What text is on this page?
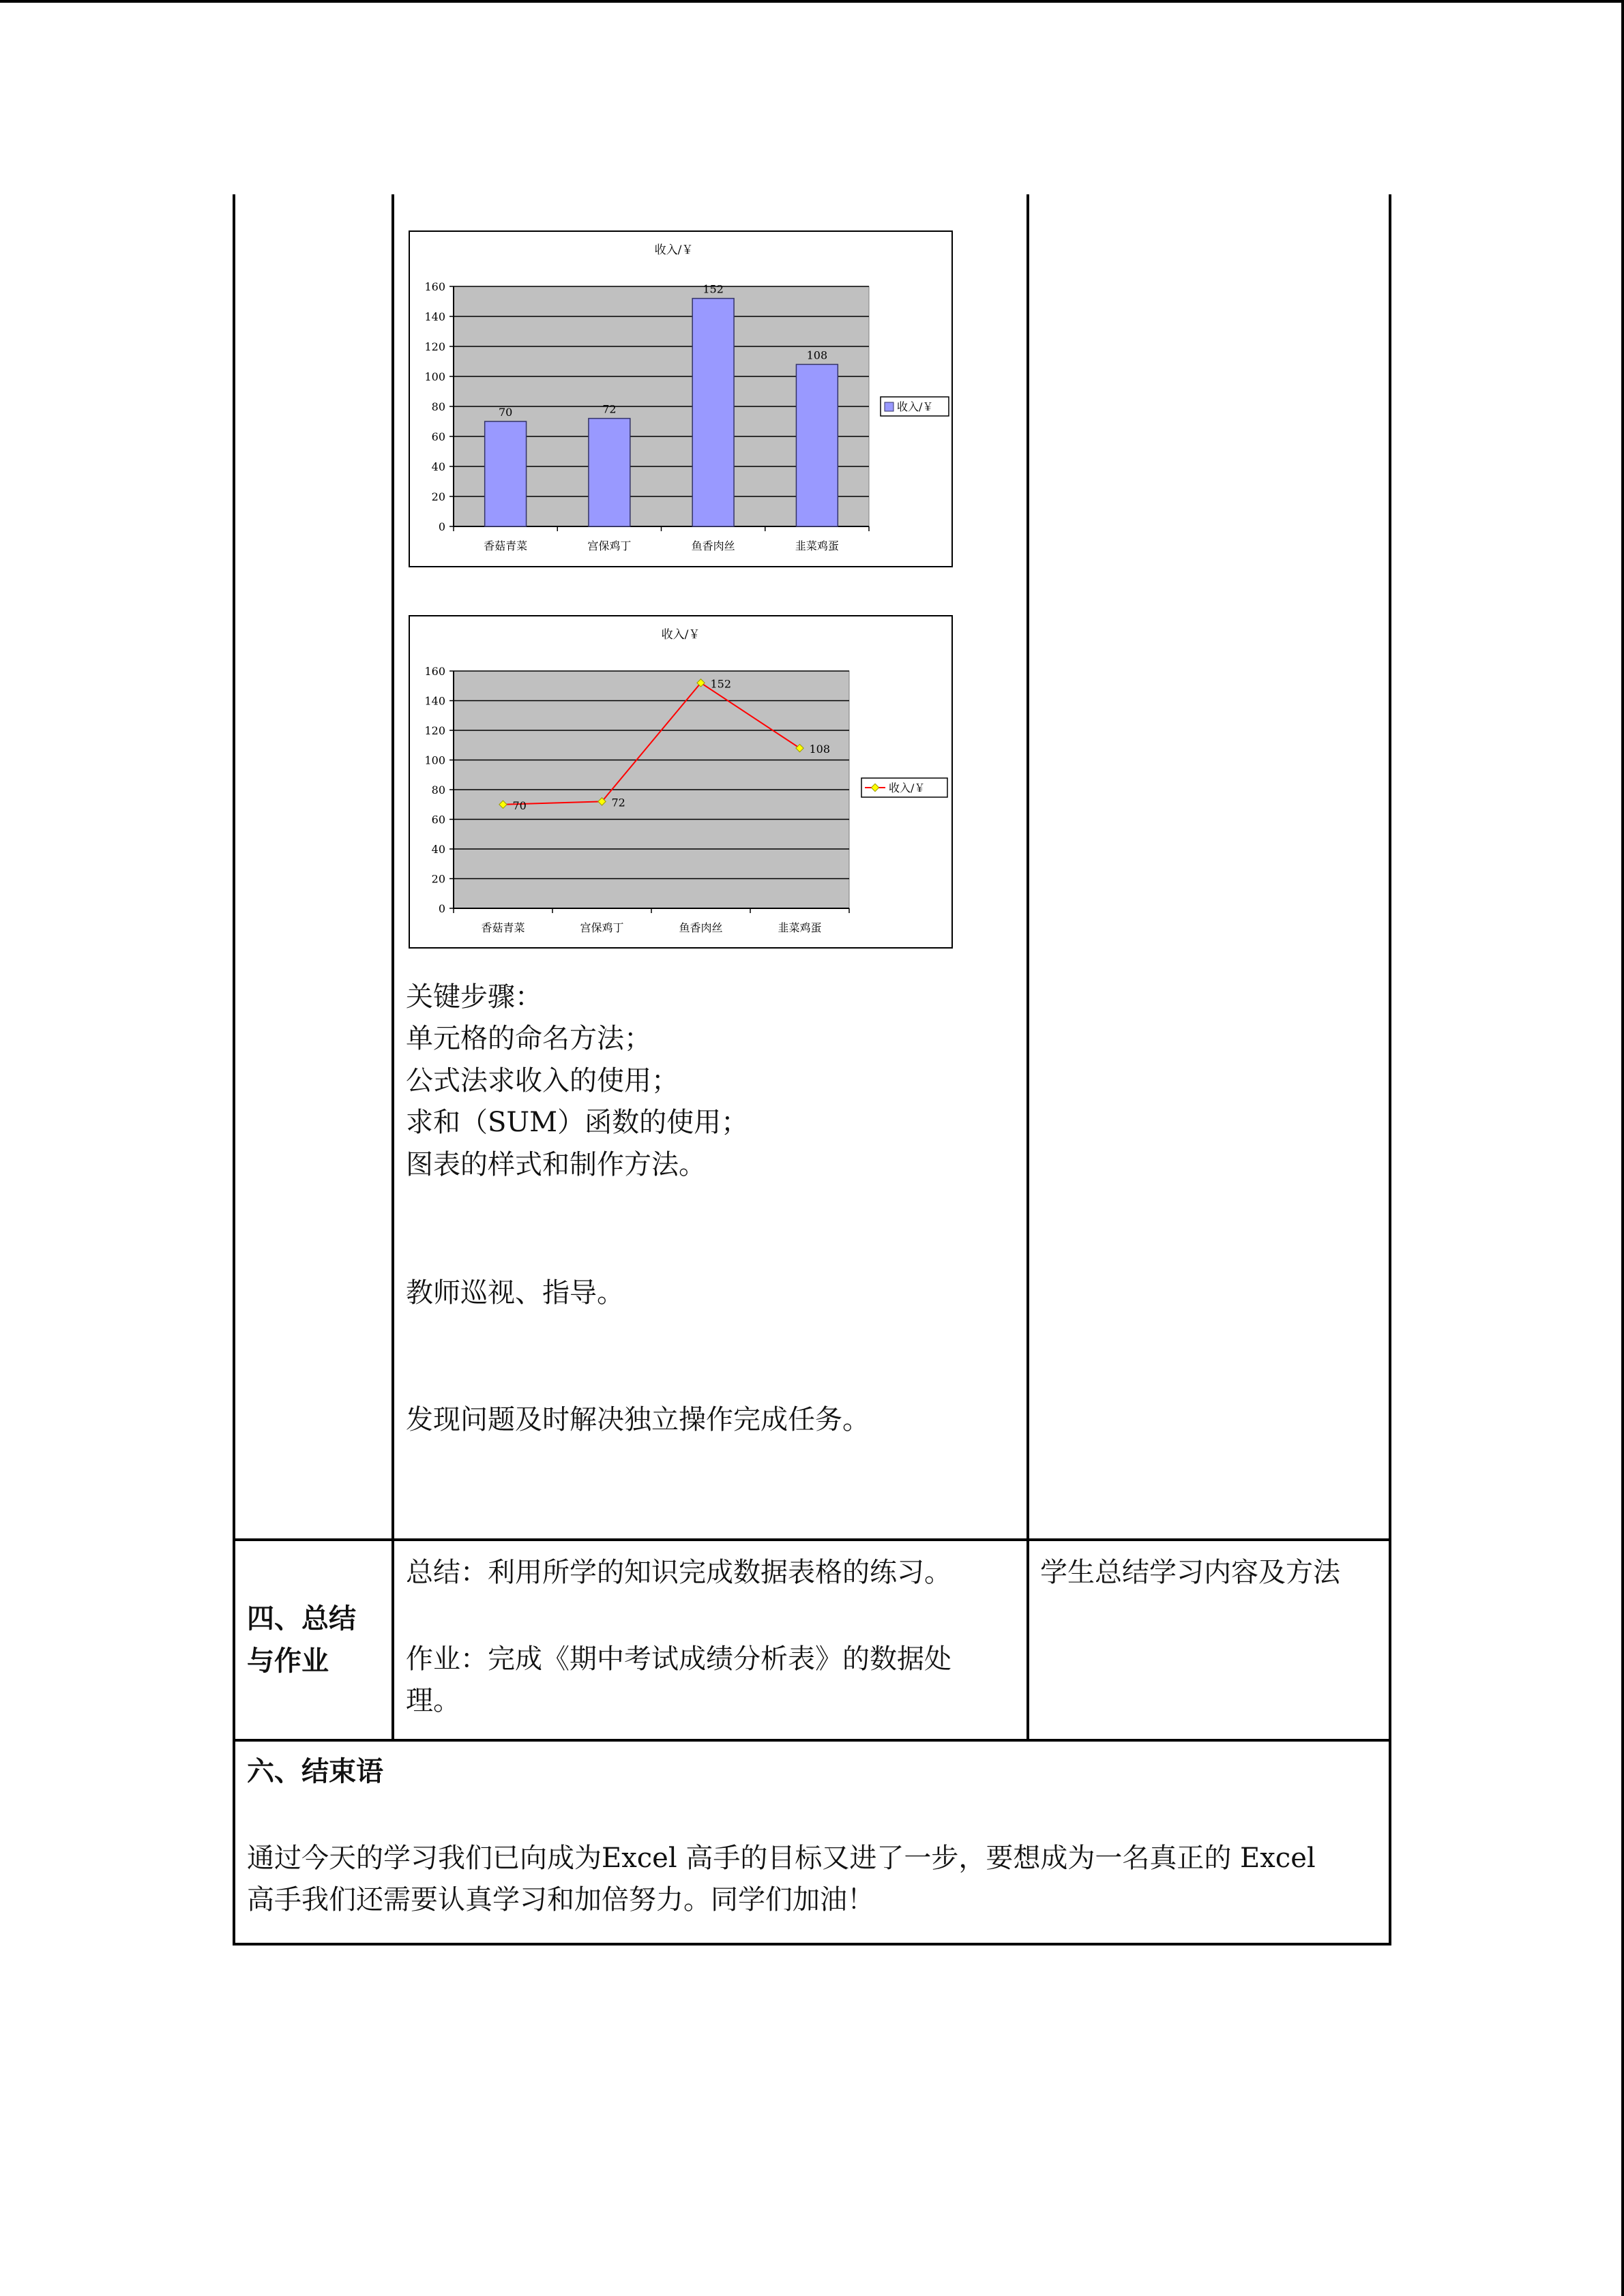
收入/￥
0
20
40
60
80
100
120
140
160
香菇青菜	宫保鸡丁	鱼香肉丝	韭菜鸡蛋
70	72
152
108
收入/￥
收入/￥
0
20
40
60
80
100
120
140
160
香菇青菜	宫保鸡丁	鱼香肉丝	韭菜鸡蛋
70	72
152
108
收入/￥
关键步骤：
单元格的命名方法；
公式法求收入的使用；
求和（SUM）函数的使用；
图表的样式和制作方法。
教师巡视、指导。
发现问题及时解决独立操作完成任务。
四、总结
与作业
总结：利用所学的知识完成数据表格的练习。
作业：完成《期中考试成绩分析表》的数据处
理。
学生总结学习内容及方法
六、结束语
通过今天的学习我们已向成为Excel 高手的目标又进了一步，要想成为一名真正的 Excel
高手我们还需要认真学习和加倍努力。同学们加油！
